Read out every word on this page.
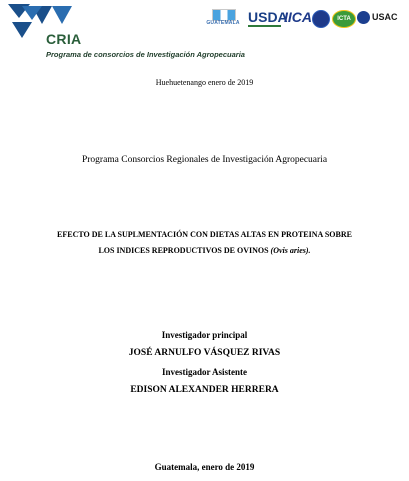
CRIA
Programa de consorcios de Investigación Agropecuaria
GUATEMALA USDA
IICA	ICTA	USAC
Huehuetenango enero de 2019
Programa Consorcios Regionales de Investigación Agropecuaria
EFECTO DE LA SUPLMENTACIÓN CON DIETAS ALTAS EN PROTEINA SOBRE
LOS INDICES REPRODUCTIVOS DE OVINOS (Ovis aries).
Investigador principal
JOSÉ ARNULFO VÁSQUEZ RIVAS
Investigador Asistente
EDISON ALEXANDER HERRERA
Guatemala, enero de 2019
